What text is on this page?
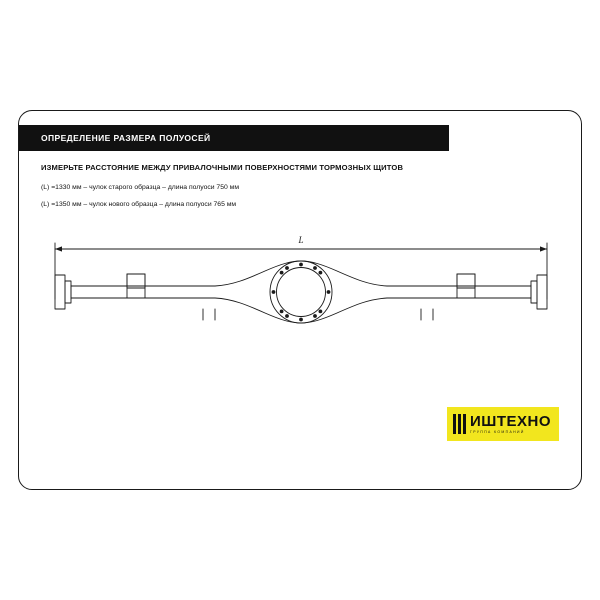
ОПРЕДЕЛЕНИЕ РАЗМЕРА ПОЛУОСЕЙ
ИЗМЕРЬТЕ РАССТОЯНИЕ МЕЖДУ ПРИВАЛОЧНЫМИ ПОВЕРХНОСТЯМИ ТОРМОЗНЫХ ЩИТОВ
(L) =1330 мм – чулок старого образца – длина полуоси 750 мм
(L) =1350 мм – чулок нового образца – длина полуоси 765 мм
L
ИШТЕХНО
ГРУППА КОМПАНИЙ
